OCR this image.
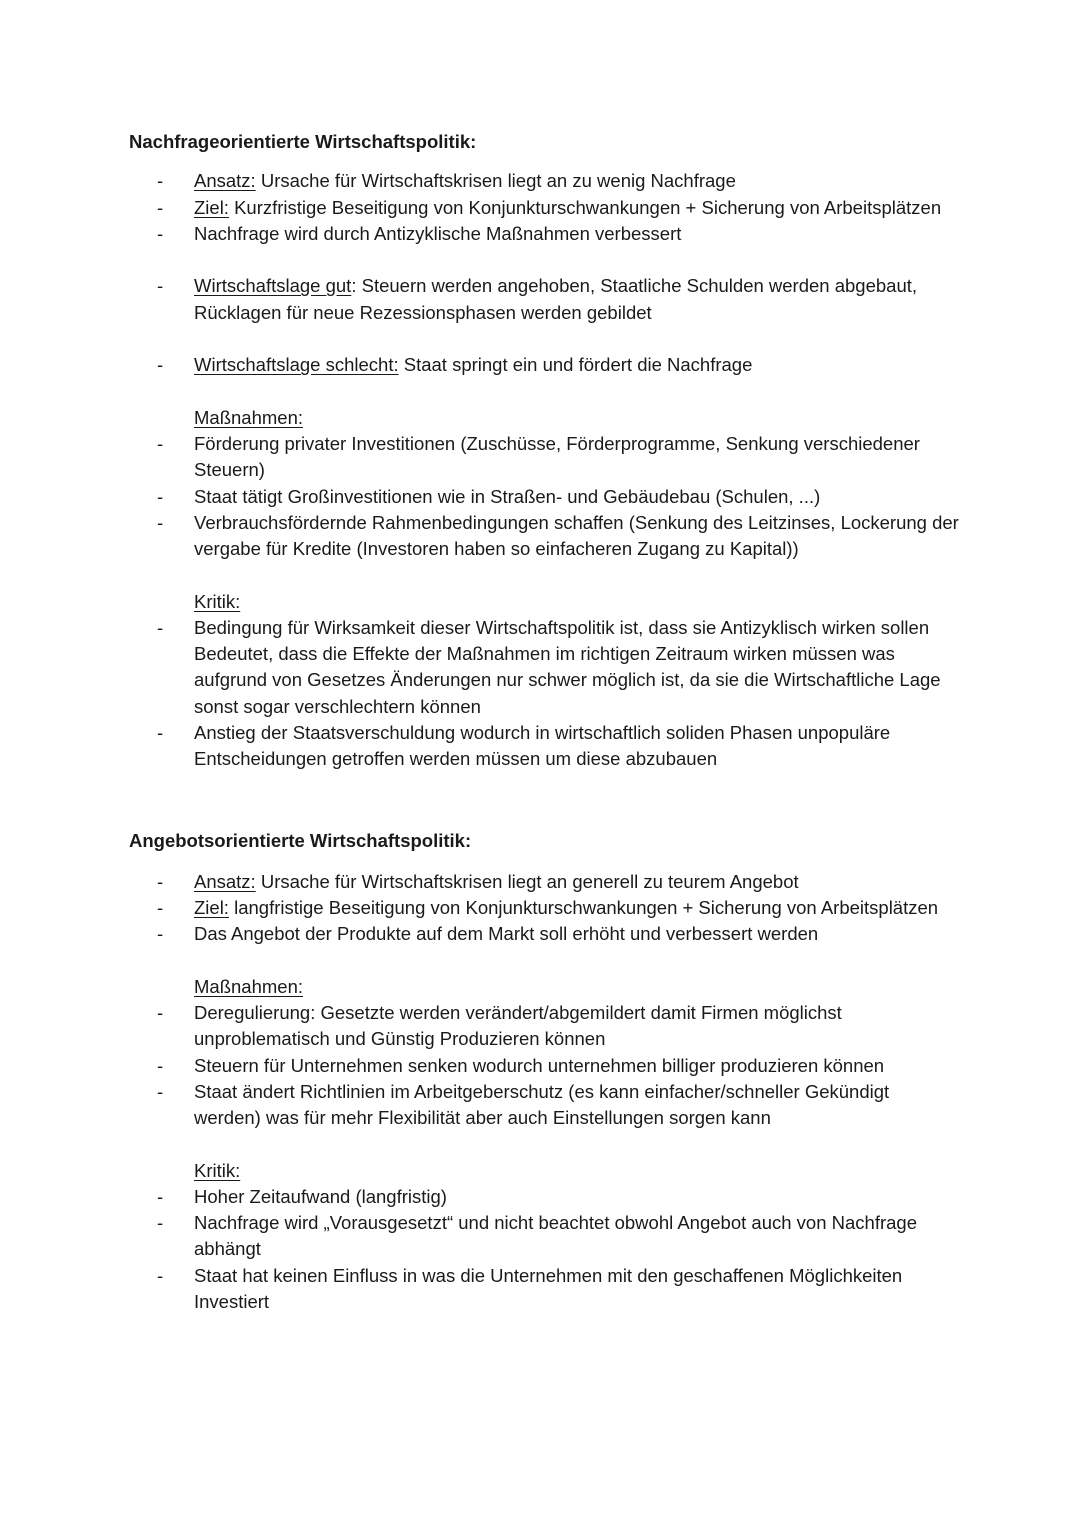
Nachfrageorientierte Wirtschaftspolitik:

- Ansatz: Ursache für Wirtschaftskrisen liegt an zu wenig Nachfrage

- Ziel: Kurzfristige Beseitigung von Konjunkturschwankungen + Sicherung von Arbeitsplätzen

- Nachfrage wird durch Antizyklische Maßnahmen verbessert

- Wirtschaftslage gut: Steuern werden angehoben, Staatliche Schulden werden abgebaut,

Rücklagen für neue Rezessionsphasen werden gebildet

- Wirtschaftslage schlecht: Staat springt ein und fördert die Nachfrage

Maßnahmen:

- Förderung privater Investitionen (Zuschüsse, Förderprogramme, Senkung verschiedener

Steuern)

- Staat tätigt Großinvestitionen wie in Straßen- und Gebäudebau (Schulen, ...)

- Verbrauchsfördernde Rahmenbedingungen schaffen (Senkung des Leitzinses, Lockerung der

vergabe für Kredite (Investoren haben so einfacheren Zugang zu Kapital))

Kritik:

- Bedingung für Wirksamkeit dieser Wirtschaftspolitik ist, dass sie Antizyklisch wirken sollen

Bedeutet, dass die Effekte der Maßnahmen im richtigen Zeitraum wirken müssen was

aufgrund von Gesetzes Änderungen nur schwer möglich ist, da sie die Wirtschaftliche Lage

sonst sogar verschlechtern können

- Anstieg der Staatsverschuldung wodurch in wirtschaftlich soliden Phasen unpopuläre

Entscheidungen getroffen werden müssen um diese abzubauen

Angebotsorientierte Wirtschaftspolitik:

- Ansatz: Ursache für Wirtschaftskrisen liegt an generell zu teurem Angebot

- Ziel: langfristige Beseitigung von Konjunkturschwankungen + Sicherung von Arbeitsplätzen

- Das Angebot der Produkte auf dem Markt soll erhöht und verbessert werden

Maßnahmen:

- Deregulierung: Gesetzte werden verändert/abgemildert damit Firmen möglichst

unproblematisch und Günstig Produzieren können

- Steuern für Unternehmen senken wodurch unternehmen billiger produzieren können

- Staat ändert Richtlinien im Arbeitgeberschutz (es kann einfacher/schneller Gekündigt

werden) was für mehr Flexibilität aber auch Einstellungen sorgen kann

Kritik:

- Hoher Zeitaufwand (langfristig)

- Nachfrage wird „Vorausgesetzt“ und nicht beachtet obwohl Angebot auch von Nachfrage

abhängt

- Staat hat keinen Einfluss in was die Unternehmen mit den geschaffenen Möglichkeiten

Investiert
